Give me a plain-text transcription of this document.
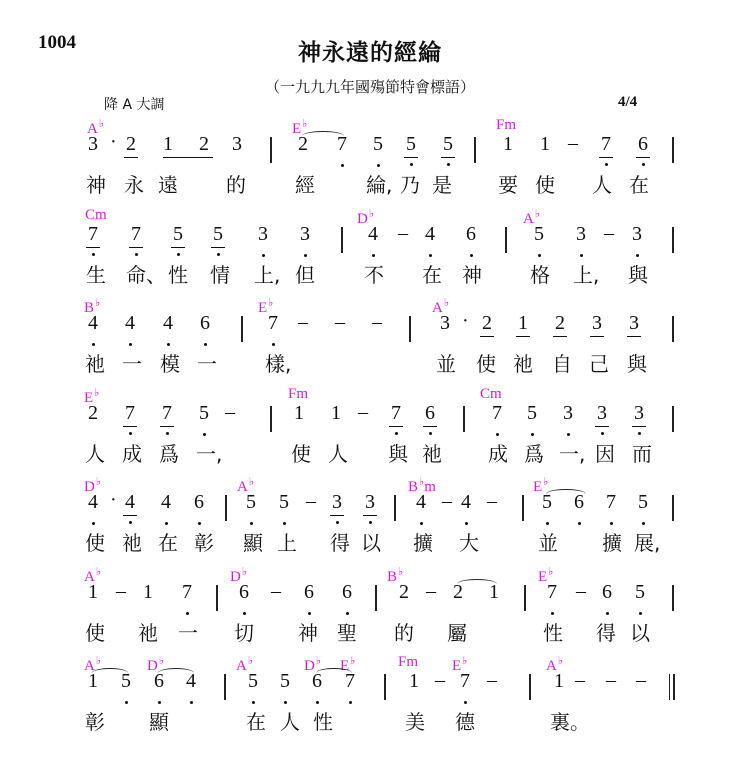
1004	神永遠的經綸
（一九九九年國殤節特會標語）
降 A 大調	4/4
A♭	E♭	Fm
3 · 2 1 2 3	2 7 5 5 5	1 1 – 7 6
神 永 遠 的 經	綸, 乃 是 要 使 人 在
Cm	D♭	A♭
7 7 5 5 3 3	4 – 4 6	5 3 – 3
生 命、 性 情 上, 但 不 在 神 格 上, 與
B♭	E♭	A♭
4 4 4 6	7 – – –	3 · 2 1 2 3 3
祂 一 模 一 樣,	並 使 祂 自 己 與
E♭	Fm	Cm
2 7 7 5 –	1 1 – 7 6	7 5 3 3 3
人 成 爲 一,	使 人 與 祂 成 爲 一, 因 而
D♭	A♭	B♭m	E♭
4 · 4 4 6 5 5 – 3 3 4 – 4 – 5 6 7 5
使 祂 在 彰 顯 上 得 以 擴 大	並 擴 展,
A♭	D♭	B♭	E♭
1 – 1 7 6 – 6 6 2 – 2 1 7 – 6 5
使 祂 一 切 神 聖 的 屬	性 得 以
A♭	D♭	A♭	D♭ E♭	Fm E♭	A♭
1 5 6 4	5 5 6 7	1 – 7 –	1 – – –
彰 顯	在 人 性	美 德	裏。
